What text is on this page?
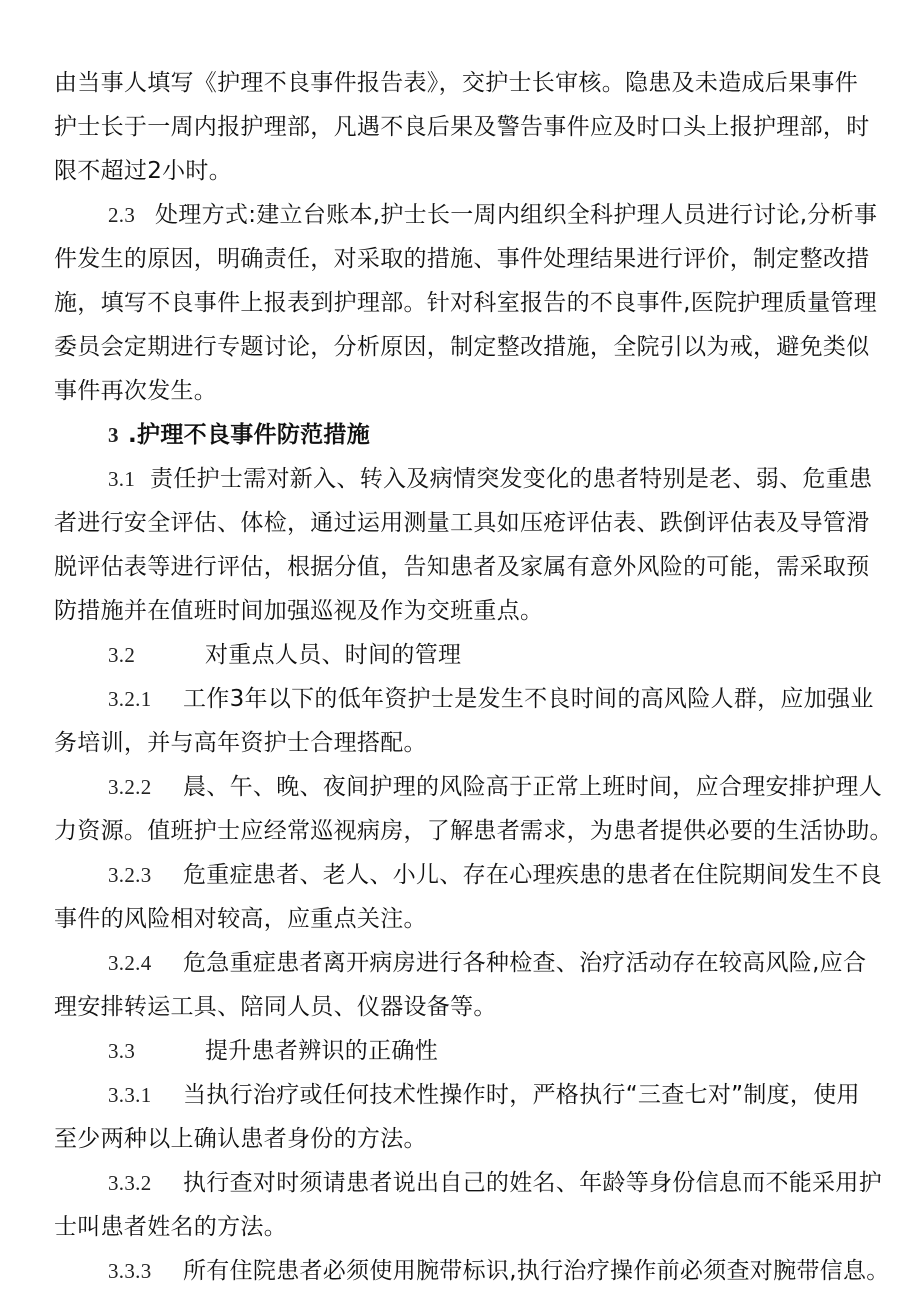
由当事人填写《护理不良事件报告表》，交护士长审核。隐患及未造成后果事件
护士长于一周内报护理部，凡遇不良后果及警告事件应及时口头上报护理部，时
限不超过2小时。
2.3 处理方式:建立台账本,护士长一周内组织全科护理人员进行讨论,分析事
件发生的原因，明确责任，对采取的措施、事件处理结果进行评价，制定整改措
施，填写不良事件上报表到护理部。针对科室报告的不良事件,医院护理质量管理
委员会定期进行专题讨论，分析原因，制定整改措施，全院引以为戒，避免类似
事件再次发生。
3 .护理不良事件防范措施
3.1 责任护士需对新入、转入及病情突发变化的患者特别是老、弱、危重患
者进行安全评估、体检，通过运用测量工具如压疮评估表、跌倒评估表及导管滑
脱评估表等进行评估，根据分值，告知患者及家属有意外风险的可能，需采取预
防措施并在值班时间加强巡视及作为交班重点。
3.2	对重点人员、时间的管理
3.2.1 工作3年以下的低年资护士是发生不良时间的高风险人群，应加强业
务培训，并与高年资护士合理搭配。
3.2.2 晨、午、晚、夜间护理的风险高于正常上班时间，应合理安排护理人
力资源。值班护士应经常巡视病房，了解患者需求，为患者提供必要的生活协助。
3.2.3 危重症患者、老人、小儿、存在心理疾患的患者在住院期间发生不良
事件的风险相对较高，应重点关注。
3.2.4 危急重症患者离开病房进行各种检查、治疗活动存在较高风险,应合
理安排转运工具、陪同人员、仪器设备等。
3.3	提升患者辨识的正确性
3.3.1 当执行治疗或任何技术性操作时，严格执行“三查七对”制度，使用
至少两种以上确认患者身份的方法。
3.3.2 执行查对时须请患者说出自己的姓名、年龄等身份信息而不能采用护
士叫患者姓名的方法。
3.3.3 所有住院患者必须使用腕带标识,执行治疗操作前必须查对腕带信息。
